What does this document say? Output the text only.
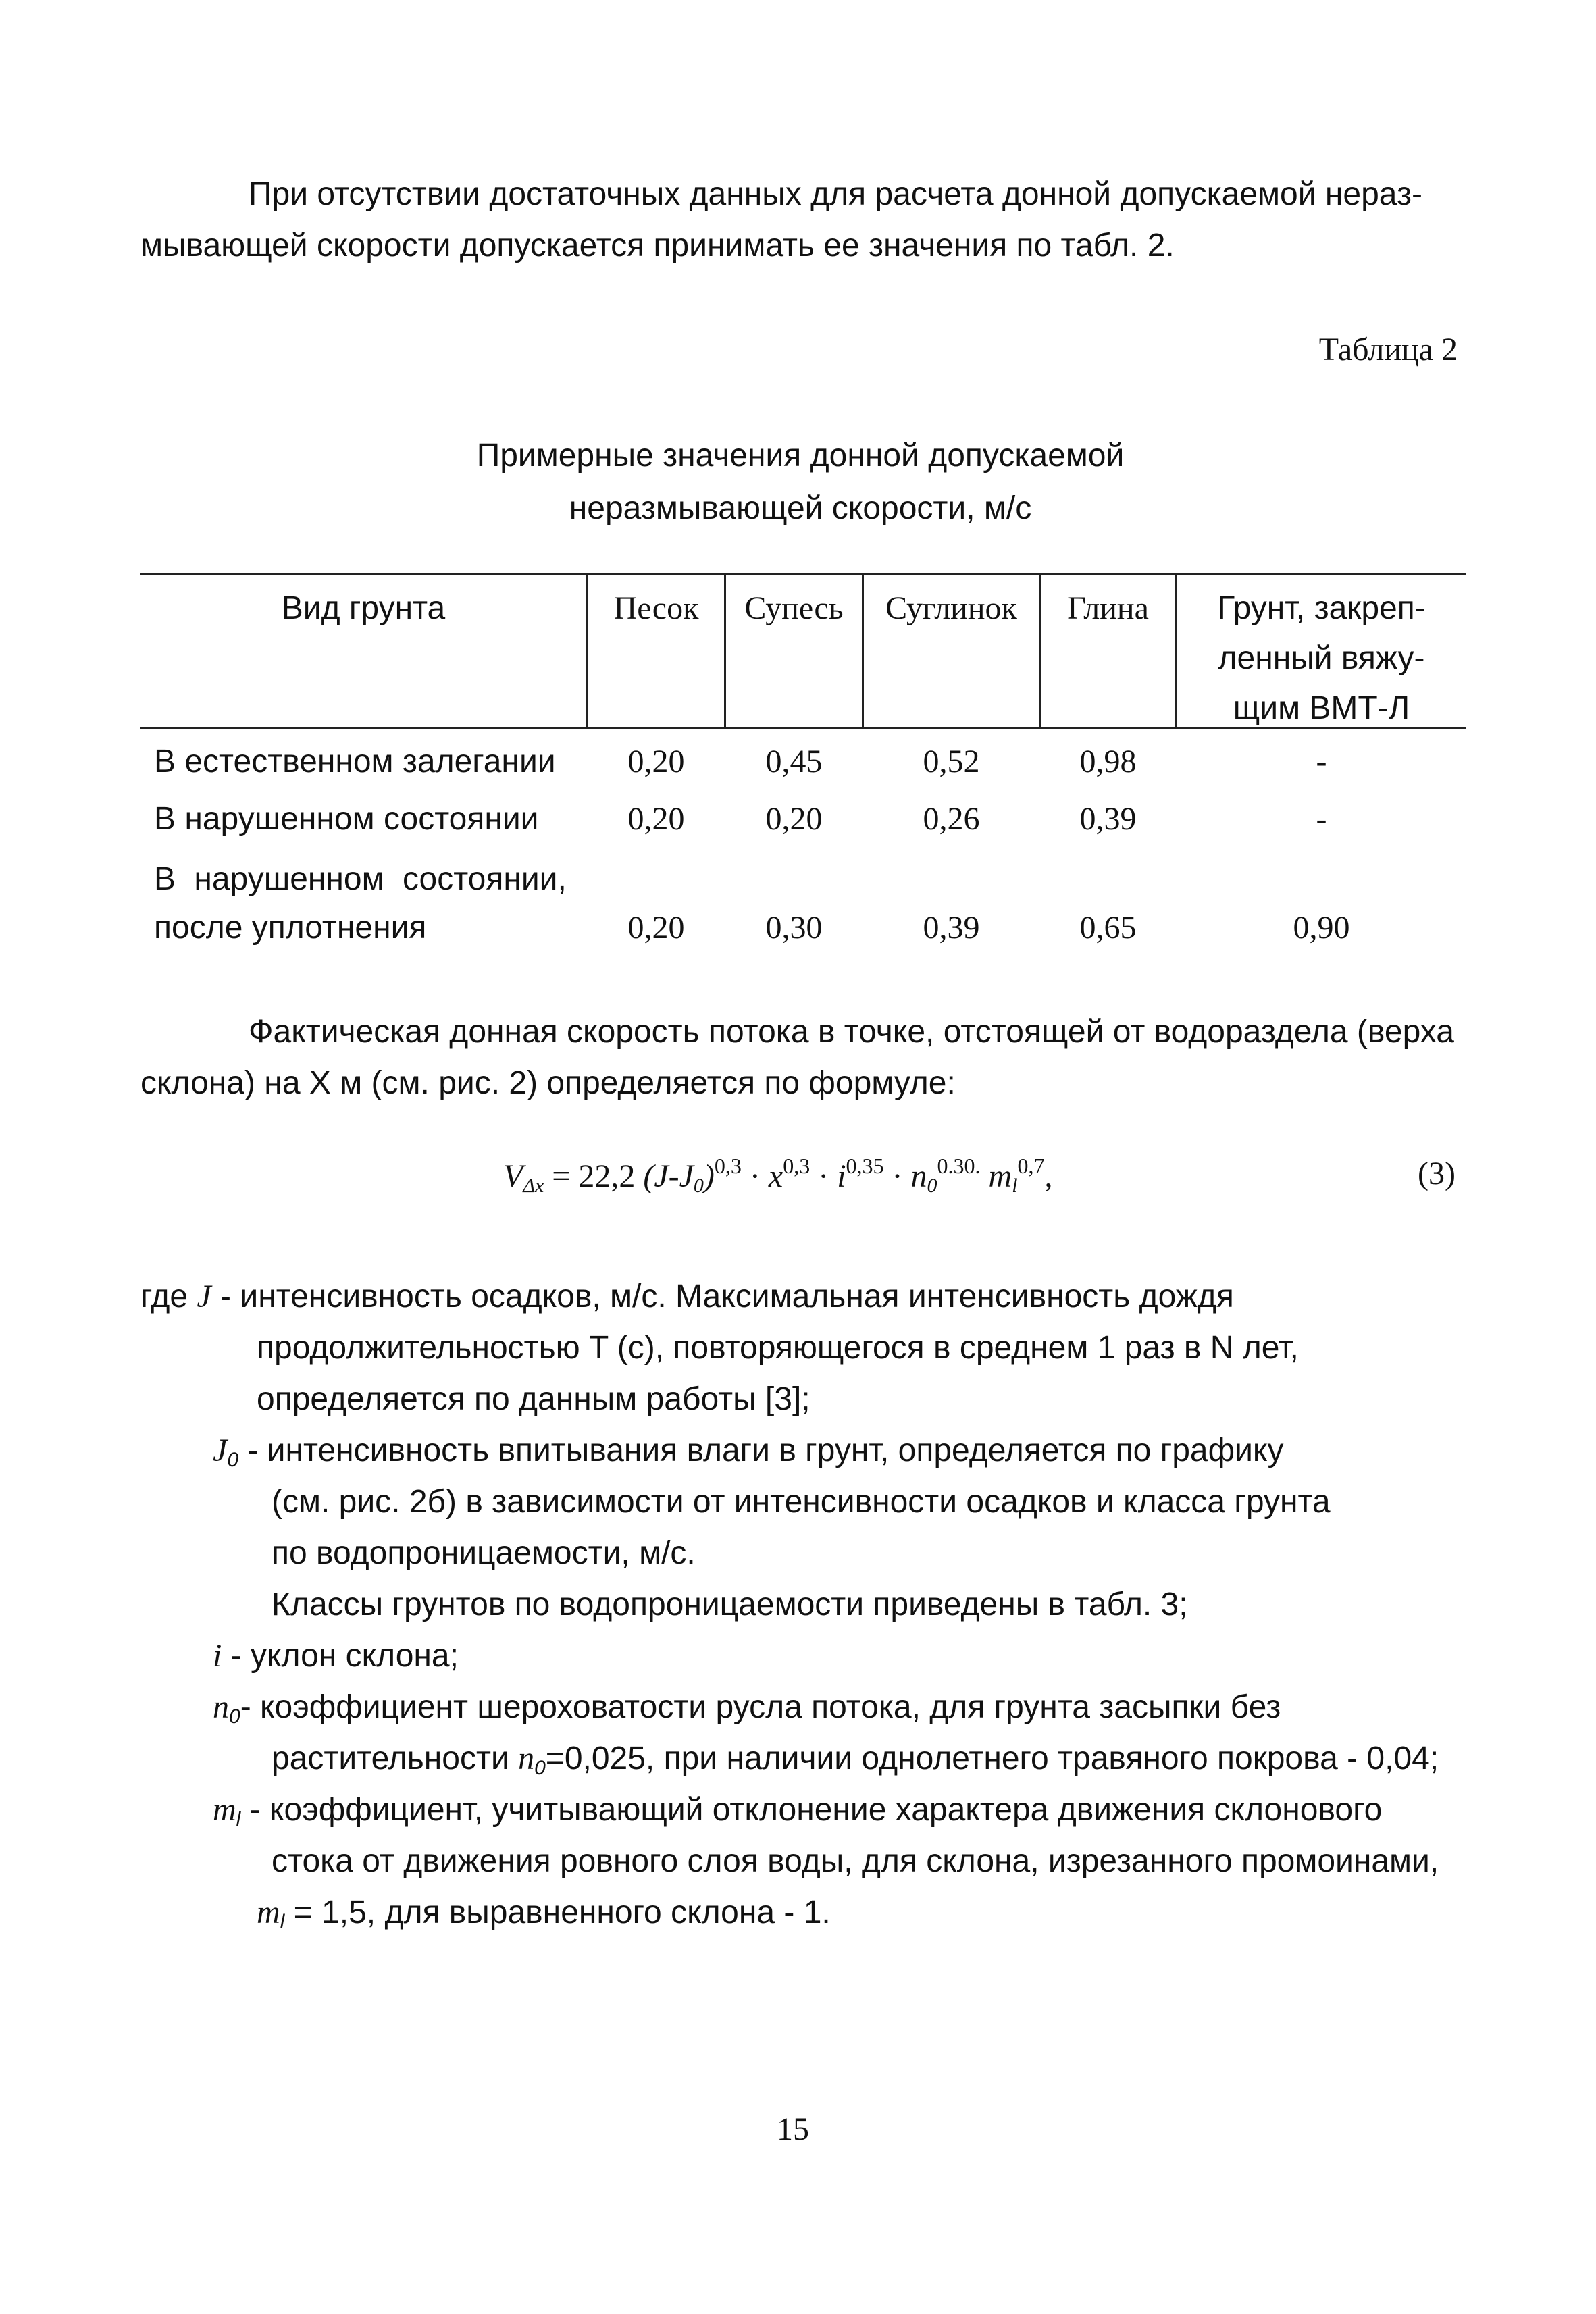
При отсутствии достаточных данных для расчета донной допускаемой нераз-

мывающей скорости допускается принимать ее значения по табл. 2.

Таблица 2
Примерные значения донной допускаемой
неразмывающей скорости, м/с
Вид грунта	Песок	Супесь	Суглинок	Глина	Грунт, закреп-
ленный вяжу-
щим ВМТ-Л
В естественном залегании	0,20	0,45	0,52	0,98	-
В нарушенном состоянии	0,20	0,20	0,26	0,39	-
В нарушенном состоянии,
после уплотнения	0,20	0,30	0,39	0,65	0,90

Фактическая донная скорость потока в точке, отстоящей от водораздела (верха

склона) на X м (см. рис. 2) определяется по формуле:

$V_{\Delta x} = 22,2$ $(J-J_0)^{0,3} \cdot x^{0,3} \cdot i^{0,35} \cdot n_0^{0.30.}$ $m_l^{0,7}$,	(3)
где J - интенсивность осадков, м/с. Максимальная интенсивность дождя
продолжительностью T (с), повторяющегося в среднем 1 раз в N лет,
определяется по данным работы [3];
$J_0$ - интенсивность впитывания влаги в грунт, определяется по графику
(см. рис. 2б) в зависимости от интенсивности осадков и класса грунта
по водопроницаемости, м/с.
Классы грунтов по водопроницаемости приведены в табл. 3;
i - уклон склона;
$n_0-$ коэффициент шероховатости русла потока, для грунта засыпки без
растительности $n_0=0,025$, при наличии однолетнего травяного покрова - 0,04;
$m_l$ - коэффициент, учитывающий отклонение характера движения склонового
стока от движения ровного слоя воды, для склона, изрезанного промоинами,
$m_l = 1,5$, для выравненного склона - 1.
15
